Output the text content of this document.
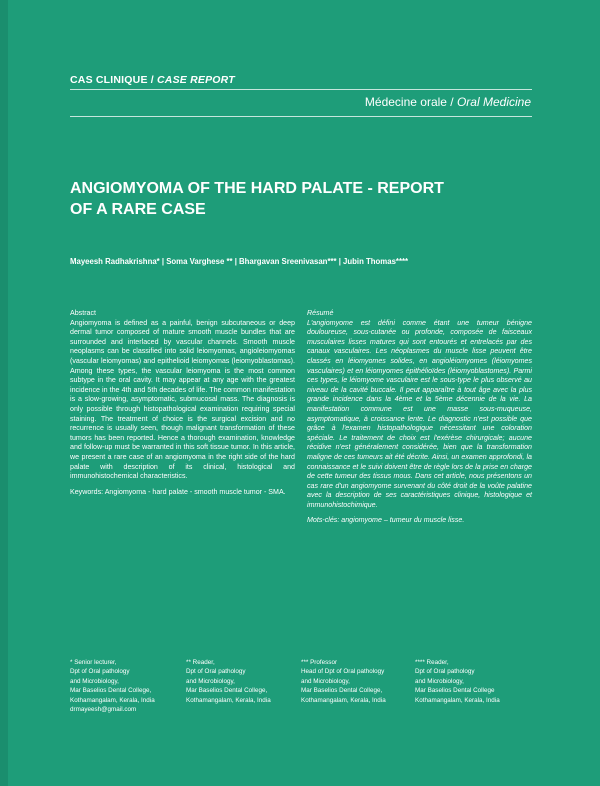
CAS CLINIQUE / CASE REPORT
Médecine orale / Oral Medicine
ANGIOMYOMA OF THE HARD PALATE - REPORT OF A RARE CASE
Mayeesh Radhakrishna* | Soma Varghese ** | Bhargavan Sreenivasan*** | Jubin Thomas****

Abstract

Angiomyoma is defined as a painful, benign subcutaneous or deep dermal tumor composed of mature smooth muscle bundles that are surrounded and interlaced by vascular channels. Smooth muscle neoplasms can be classified into solid leiomyomas, angioleiomyomas (vascular leiomyomas) and epithelioid leiomyomas (leiomyoblastomas). Among these types, the vascular leiomyoma is the most common subtype in the oral cavity. It may appear at any age with the greatest incidence in the 4th and 5th decades of life. The common manifestation is a slow-growing, asymptomatic, submucosal mass. The diagnosis is only possible through histopathological examination requiring special staining. The treatment of choice is the surgical excision and no recurrence is usually seen, though malignant transformation of these tumors has been reported. Hence a thorough examination, knowledge and follow-up must be warranted in this soft tissue tumor. In this article, we present a rare case of an angiomyoma in the right side of the hard palate with description of its clinical, histological and immunohistochemical characteristics.

Keywords: Angiomyoma - hard palate - smooth muscle tumor - SMA.

Résumé

L'angiomyome est défini comme étant une tumeur bénigne douloureuse, sous-cutanée ou profonde, composée de faisceaux musculaires lisses matures qui sont entourés et entrelacés par des canaux vasculaires. Les néoplasmes du muscle lisse peuvent être classés en léiomyomes solides, en angioléiomyomes (léiomyomes vasculaires) et en léiomyomes épithélioïdes (léiomyoblastomes). Parmi ces types, le léiomyome vasculaire est le sous-type le plus observé au niveau de la cavité buccale. Il peut apparaître à tout âge avec la plus grande incidence dans la 4ème et la 5ème décennie de la vie. La manifestation commune est une masse sous-muqueuse, asymptomatique, à croissance lente. Le diagnostic n'est possible que grâce à l'examen histopathologique nécessitant une coloration spéciale. Le traitement de choix est l'exérèse chirurgicale; aucune récidive n'est généralement considérée, bien que la transformation maligne de ces tumeurs ait été décrite. Ainsi, un examen approfondi, la connaissance et le suivi doivent être de règle lors de la prise en charge de cette tumeur des tissus mous. Dans cet article, nous présentons un cas rare d'un angiomyome survenant du côté droit de la voûte palatine avec la description de ses caractéristiques clinique, histologique et immunohistochimique.

Mots-clés: angiomyome – tumeur du muscle lisse.

* Senior lecturer,
Dpt of Oral pathology
and Microbiology,
Mar Baselios Dental College,
Kothamangalam, Kerala, India
drmayeesh@gmail.com
** Reader,
Dpt of Oral pathology
and Microbiology,
Mar Baselios Dental College,
Kothamangalam, Kerala, India
*** Professor
Head of Dpt of Oral pathology
and Microbiology,
Mar Baselios Dental College,
Kothamangalam, Kerala, India
**** Reader,
Dpt of Oral pathology
and Microbiology,
Mar Baselios Dental College
Kothamangalam, Kerala, India
